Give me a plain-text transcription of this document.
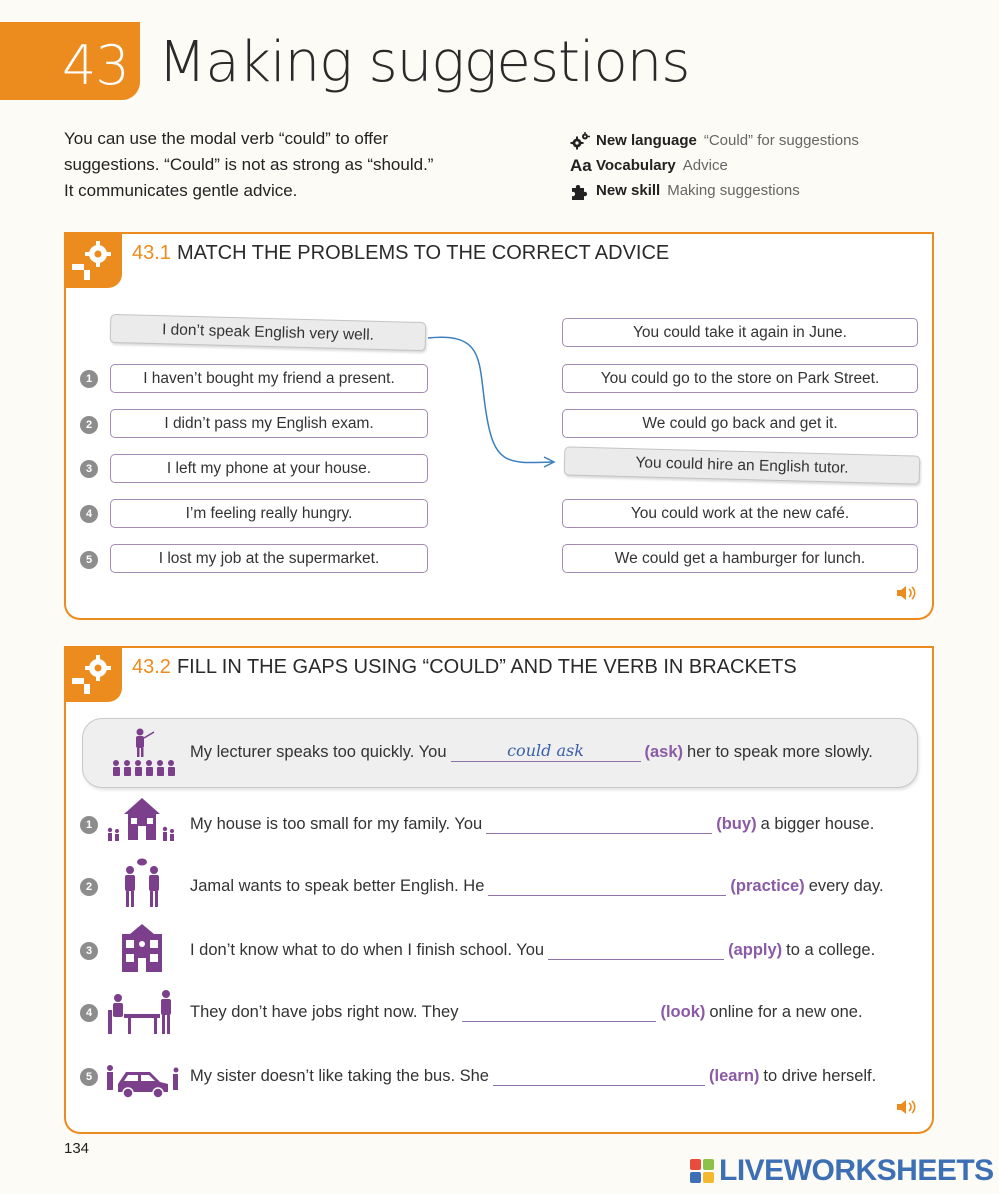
43 Making suggestions
You can use the modal verb “could” to offer suggestions. “Could” is not as strong as “should.” It communicates gentle advice.
New language “Could” for suggestions
Aa Vocabulary Advice
New skill Making suggestions
43.1 MATCH THE PROBLEMS TO THE CORRECT ADVICE
I don’t speak English very well.
1	I haven’t bought my friend a present.
2	I didn’t pass my English exam.
3	I left my phone at your house.
4	I’m feeling really hungry.
5	I lost my job at the supermarket.
You could take it again in June.
You could go to the store on Park Street.
We could go back and get it.
You could hire an English tutor.
You could work at the new café.
We could get a hamburger for lunch.
43.2 FILL IN THE GAPS USING “COULD” AND THE VERB IN BRACKETS
My lecturer speaks too quickly. You	could ask	(ask) her to speak more slowly.
1	My house is too small for my family. You	(buy) a bigger house.
2	Jamal wants to speak better English. He	(practice) every day.
3	I don’t know what to do when I finish school. You	(apply) to a college.
4	They don’t have jobs right now. They	(look) online for a new one.
5	My sister doesn’t like taking the bus. She	(learn) to drive herself.
134
LIVEWORKSHEETS
